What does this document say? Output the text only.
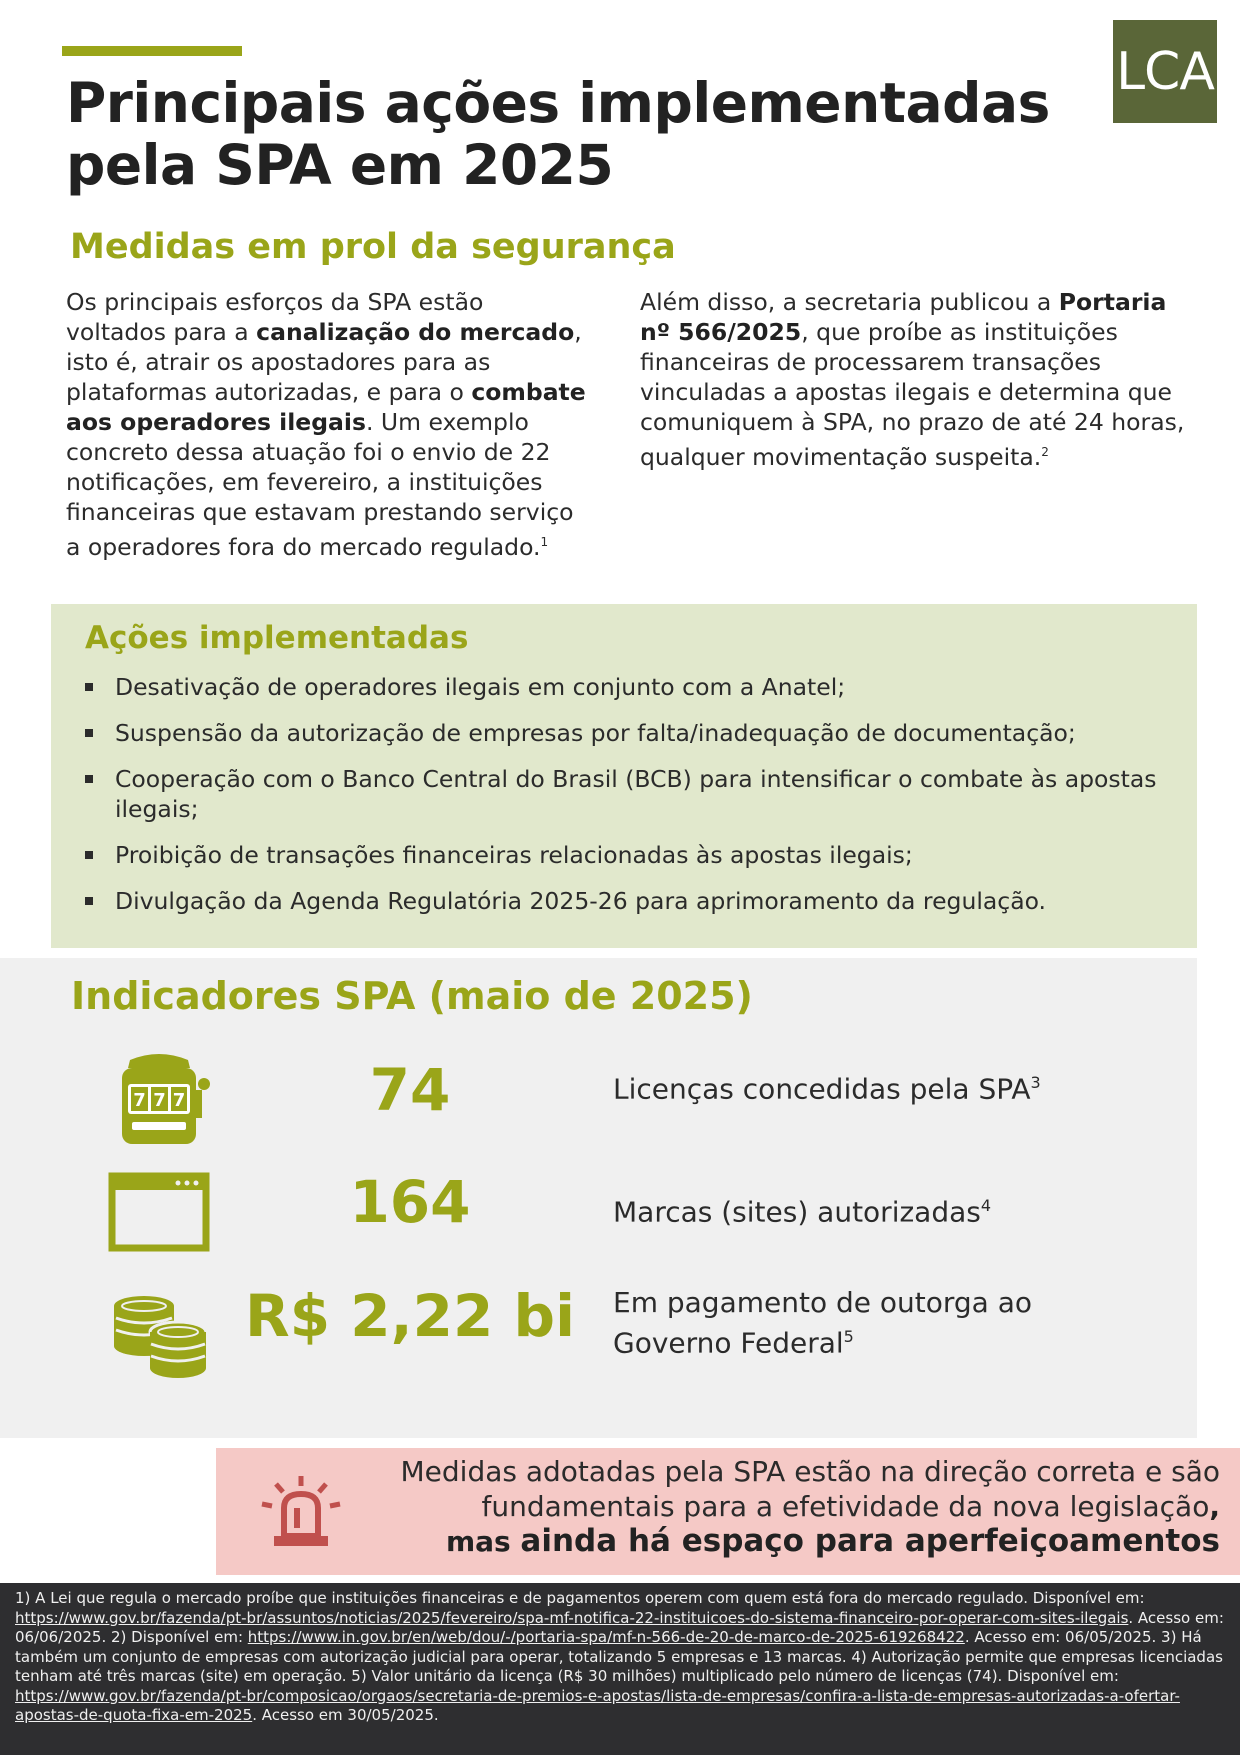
LCA
Principais ações implementadas pela SPA em 2025
Medidas em prol da segurança
Os principais esforços da SPA estão voltados para a canalização do mercado, isto é, atrair os apostadores para as plataformas autorizadas, e para o combate aos operadores ilegais. Um exemplo concreto dessa atuação foi o envio de 22 notificações, em fevereiro, a instituições financeiras que estavam prestando serviço a operadores fora do mercado regulado.$^1$
Além disso, a secretaria publicou a Portaria nº 566/2025, que proíbe as instituições financeiras de processarem transações vinculadas a apostas ilegais e determina que comuniquem à SPA, no prazo de até 24 horas, qualquer movimentação suspeita.$^2$
Ações implementadas
Desativação de operadores ilegais em conjunto com a Anatel;
Suspensão da autorização de empresas por falta/inadequação de documentação;
Cooperação com o Banco Central do Brasil (BCB) para intensificar o combate às apostas ilegais;
Proibição de transações financeiras relacionadas às apostas ilegais;
Divulgação da Agenda Regulatória 2025-26 para aprimoramento da regulação.
Indicadores SPA (maio de 2025)
7 7 7	74	Licenças concedidas pela SPA$^3$
164	Marcas (sites) autorizadas$^4$
R$ 2,22 bi	Em pagamento de outorga ao Governo Federal$^5$
Medidas adotadas pela SPA estão na direção correta e são fundamentais para a efetividade da nova legislação,
mas ainda há espaço para aperfeiçoamentos

1) A Lei que regula o mercado proíbe que instituições financeiras e de pagamentos operem com quem está fora do mercado regulado. Disponível em: https://www.gov.br/fazenda/pt-br/assuntos/noticias/2025/fevereiro/spa-mf-notifica-22-instituicoes-do-sistema-financeiro-por-operar-com-sites-ilegais. Acesso em: 06/06/2025. 2) Disponível em: https://www.in.gov.br/en/web/dou/-/portaria-spa/mf-n-566-de-20-de-marco-de-2025-619268422. Acesso em: 06/05/2025. 3) Há também um conjunto de empresas com autorização judicial para operar, totalizando 5 empresas e 13 marcas. 4) Autorização permite que empresas licenciadas tenham até três marcas (site) em operação. 5) Valor unitário da licença (R$ 30 milhões) multiplicado pelo número de licenças (74). Disponível em: https://www.gov.br/fazenda/pt-br/composicao/orgaos/secretaria-de-premios-e-apostas/lista-de-empresas/confira-a-lista-de-empresas-autorizadas-a-ofertar-apostas-de-quota-fixa-em-2025. Acesso em 30/05/2025.
